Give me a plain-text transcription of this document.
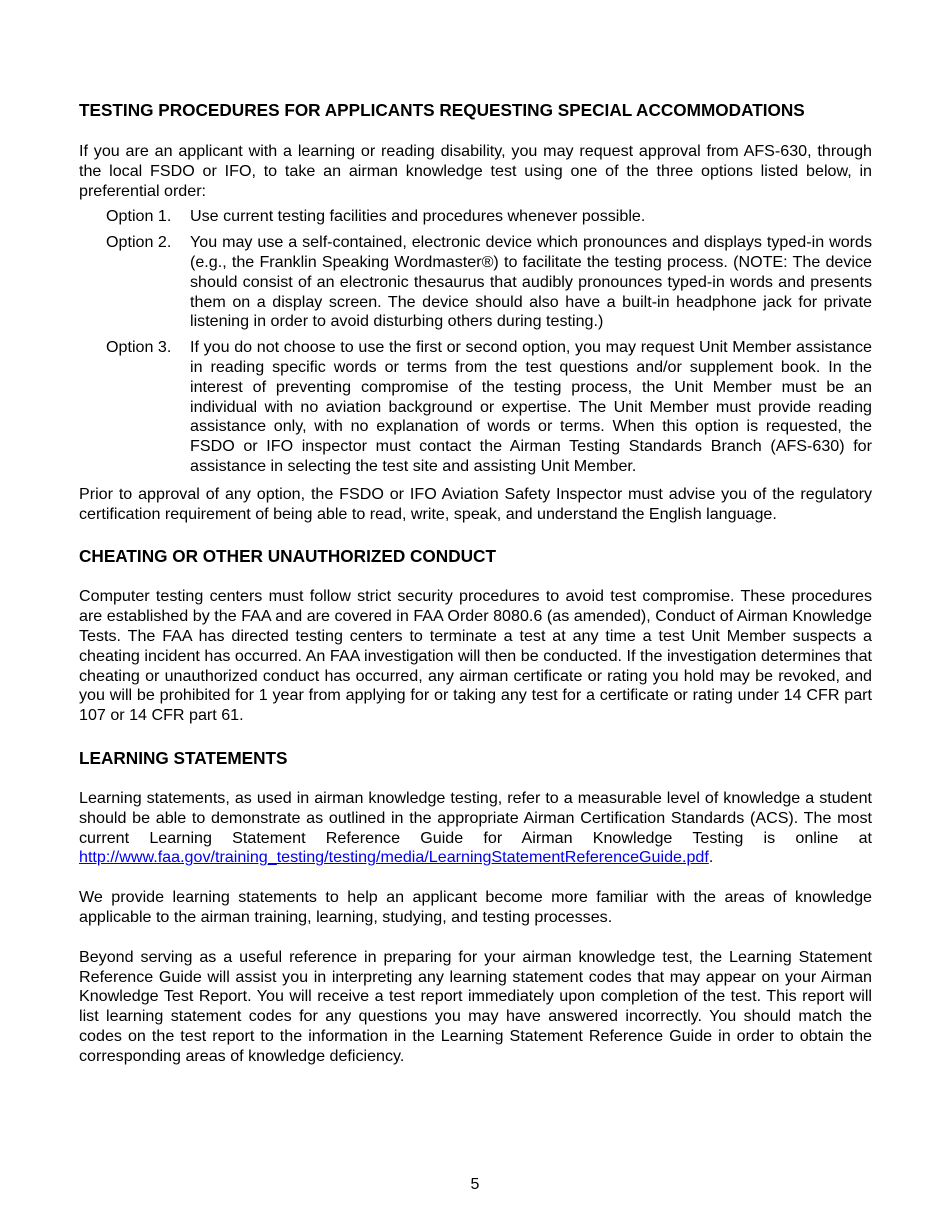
TESTING PROCEDURES FOR APPLICANTS REQUESTING SPECIAL ACCOMMODATIONS

If you are an applicant with a learning or reading disability, you may request approval from AFS-630, through the local FSDO or IFO, to take an airman knowledge test using one of the three options listed below, in preferential order:

Option 1.	Use current testing facilities and procedures whenever possible.
Option 2.	You may use a self-contained, electronic device which pronounces and displays typed-in words (e.g., the Franklin Speaking Wordmaster®) to facilitate the testing process. (NOTE: The device should consist of an electronic thesaurus that audibly pronounces typed-in words and presents them on a display screen. The device should also have a built-in headphone jack for private listening in order to avoid disturbing others during testing.)
Option 3.	If you do not choose to use the first or second option, you may request Unit Member assistance in reading specific words or terms from the test questions and/or supplement book. In the interest of preventing compromise of the testing process, the Unit Member must be an individual with no aviation background or expertise. The Unit Member must provide reading assistance only, with no explanation of words or terms. When this option is requested, the FSDO or IFO inspector must contact the Airman Testing Standards Branch (AFS-630) for assistance in selecting the test site and assisting Unit Member.

Prior to approval of any option, the FSDO or IFO Aviation Safety Inspector must advise you of the regulatory certification requirement of being able to read, write, speak, and understand the English language.

CHEATING OR OTHER UNAUTHORIZED CONDUCT

Computer testing centers must follow strict security procedures to avoid test compromise. These procedures are established by the FAA and are covered in FAA Order 8080.6 (as amended), Conduct of Airman Knowledge Tests. The FAA has directed testing centers to terminate a test at any time a test Unit Member suspects a cheating incident has occurred. An FAA investigation will then be conducted. If the investigation determines that cheating or unauthorized conduct has occurred, any airman certificate or rating you hold may be revoked, and you will be prohibited for 1 year from applying for or taking any test for a certificate or rating under 14 CFR part 107 or 14 CFR part 61.

LEARNING STATEMENTS

Learning statements, as used in airman knowledge testing, refer to a measurable level of knowledge a student should be able to demonstrate as outlined in the appropriate Airman Certification Standards (ACS). The most current Learning Statement Reference Guide for Airman Knowledge Testing is online at http://www.faa.gov/training_testing/testing/media/LearningStatementReferenceGuide.pdf.

We provide learning statements to help an applicant become more familiar with the areas of knowledge applicable to the airman training, learning, studying, and testing processes.

Beyond serving as a useful reference in preparing for your airman knowledge test, the Learning Statement Reference Guide will assist you in interpreting any learning statement codes that may appear on your Airman Knowledge Test Report. You will receive a test report immediately upon completion of the test. This report will list learning statement codes for any questions you may have answered incorrectly. You should match the codes on the test report to the information in the Learning Statement Reference Guide in order to obtain the corresponding areas of knowledge deficiency.

5
